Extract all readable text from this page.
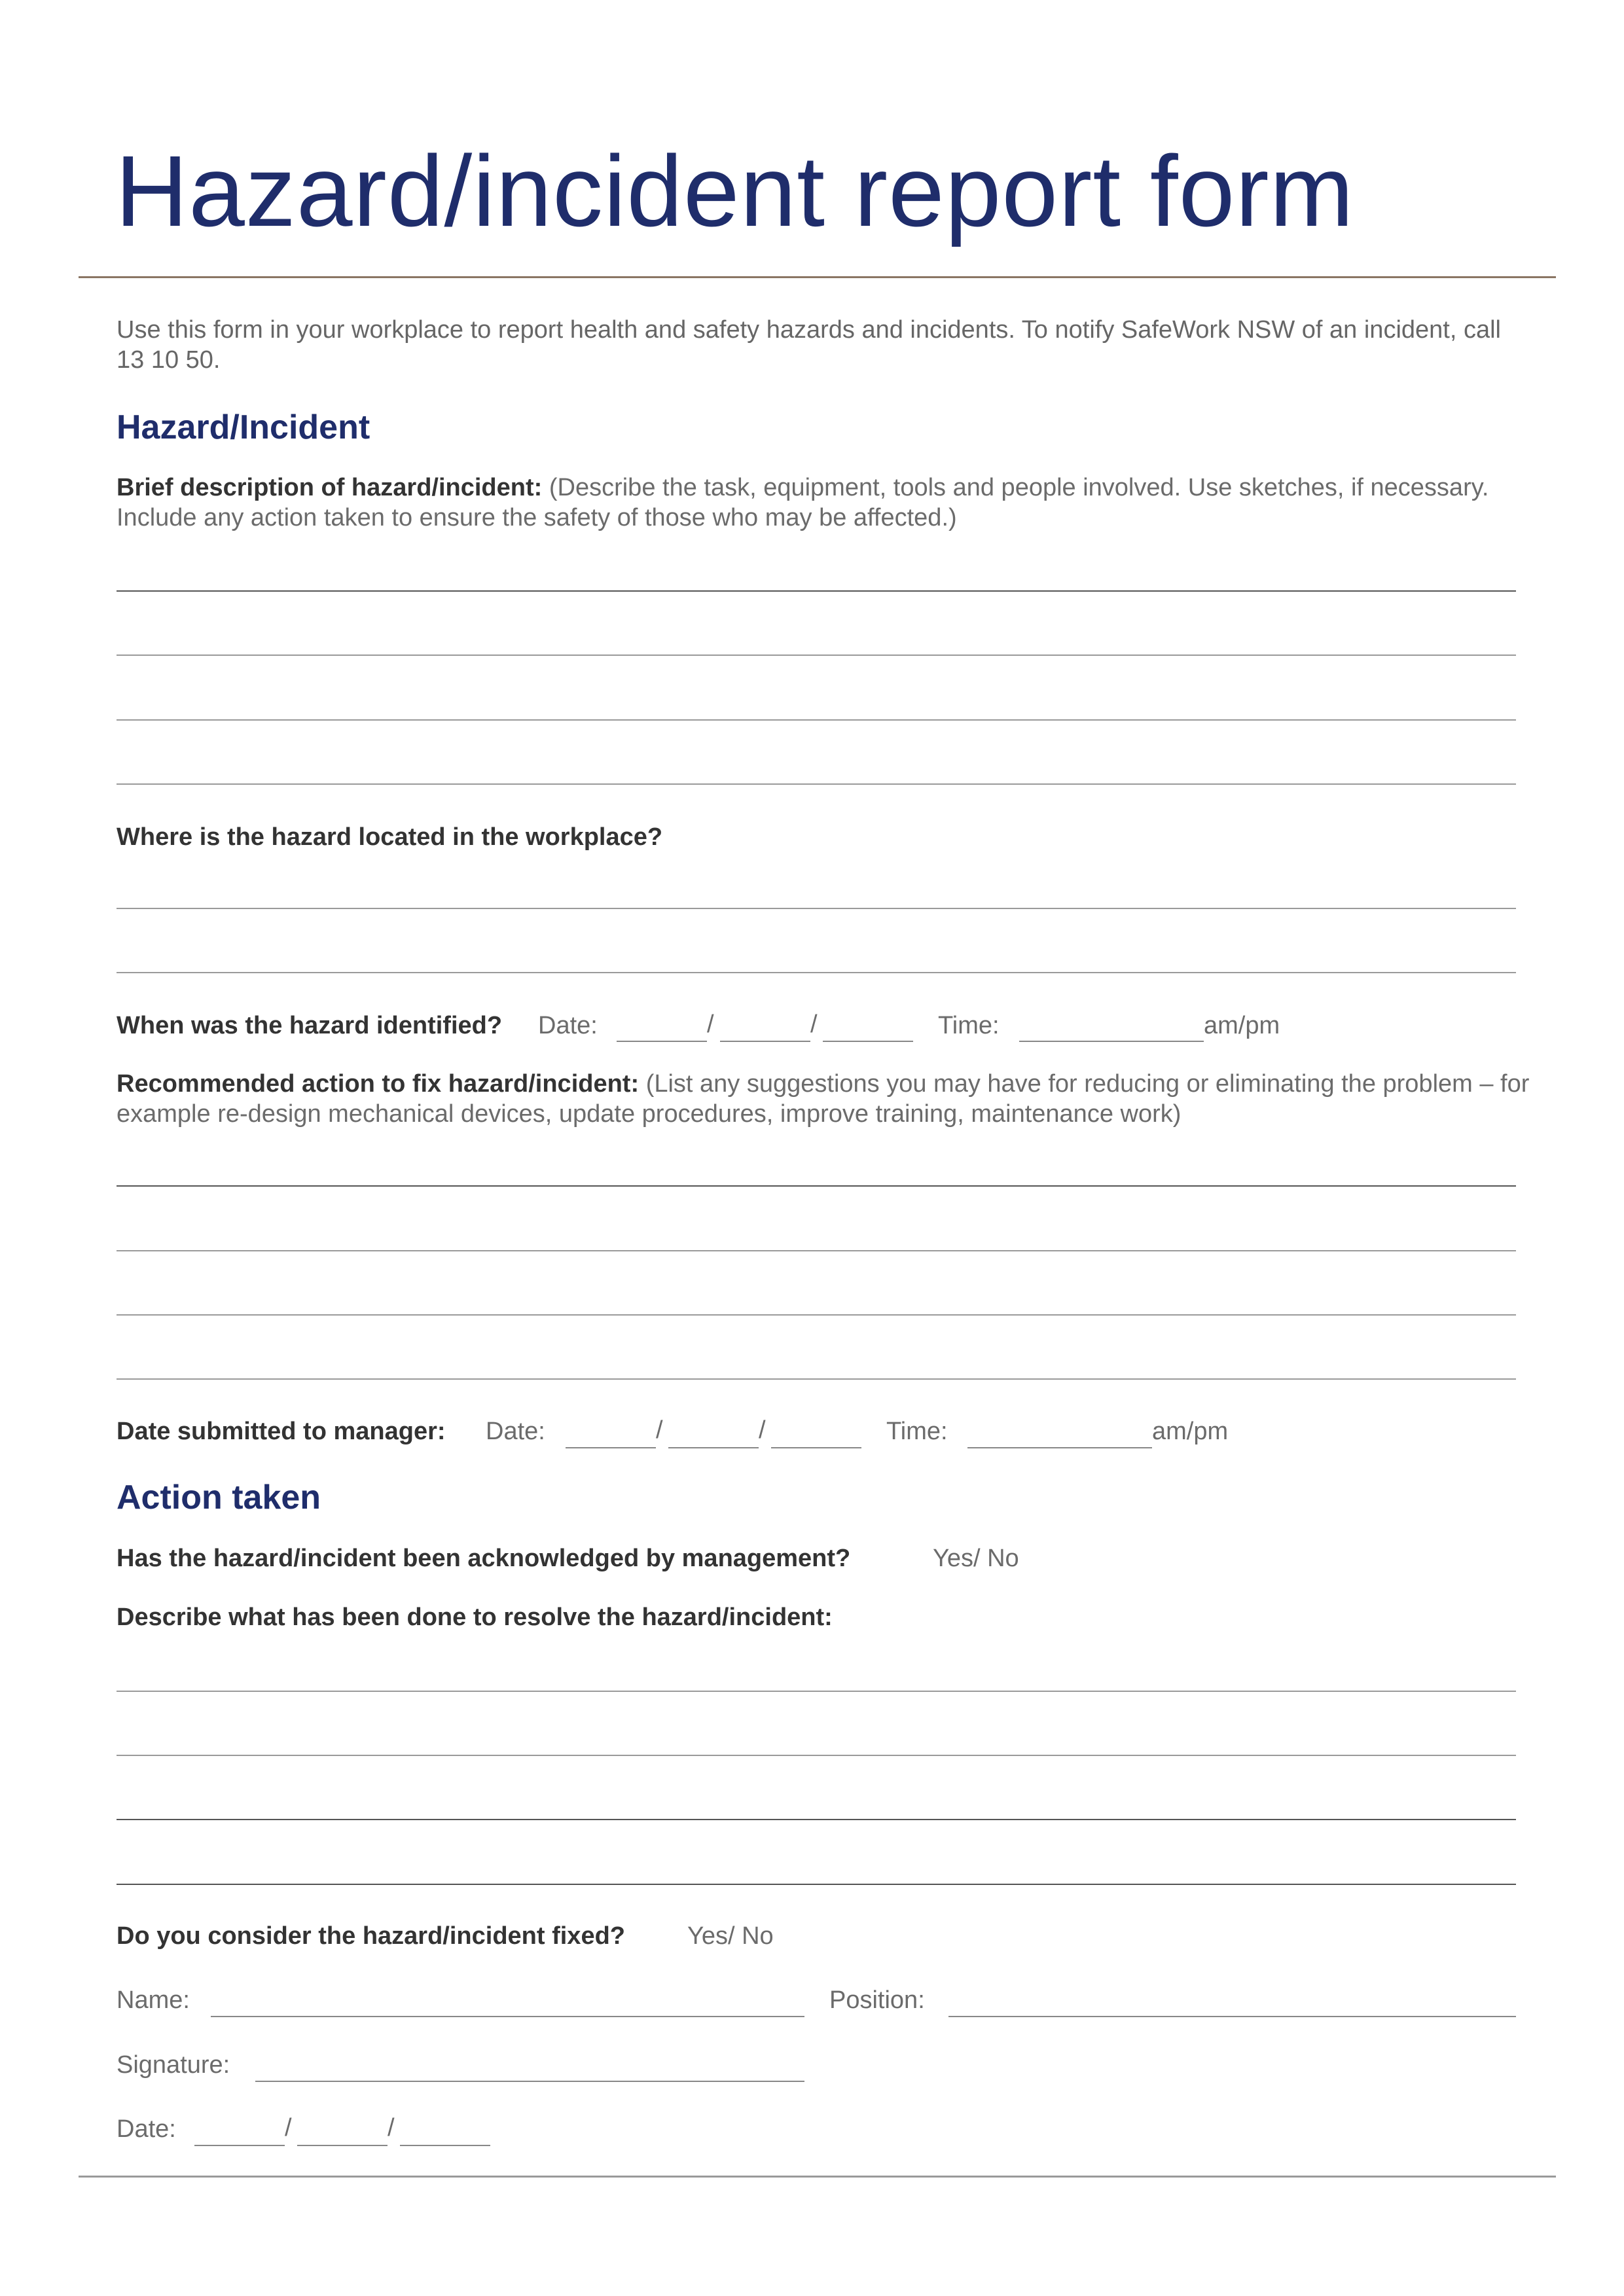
Hazard/incident report form
Use this form in your workplace to report health and safety hazards and incidents. To notify SafeWork NSW of an incident, call 13 10 50.
Hazard/Incident
Brief description of hazard/incident: (Describe the task, equipment, tools and people involved. Use sketches, if necessary. Include any action taken to ensure the safety of those who may be affected.)
Where is the hazard located in the workplace?
When was the hazard identified? Date:	/	/	Time:	am/pm
Recommended action to fix hazard/incident: (List any suggestions you may have for reducing or eliminating the problem – for example re-design mechanical devices, update procedures, improve training, maintenance work)
Date submitted to manager: Date:	/	/	Time:	am/pm
Action taken
Has the hazard/incident been acknowledged by management?	Yes/ No
Describe what has been done to resolve the hazard/incident:
Do you consider the hazard/incident fixed?	Yes/ No
Name:	Position:
Signature:
Date:	/	/
